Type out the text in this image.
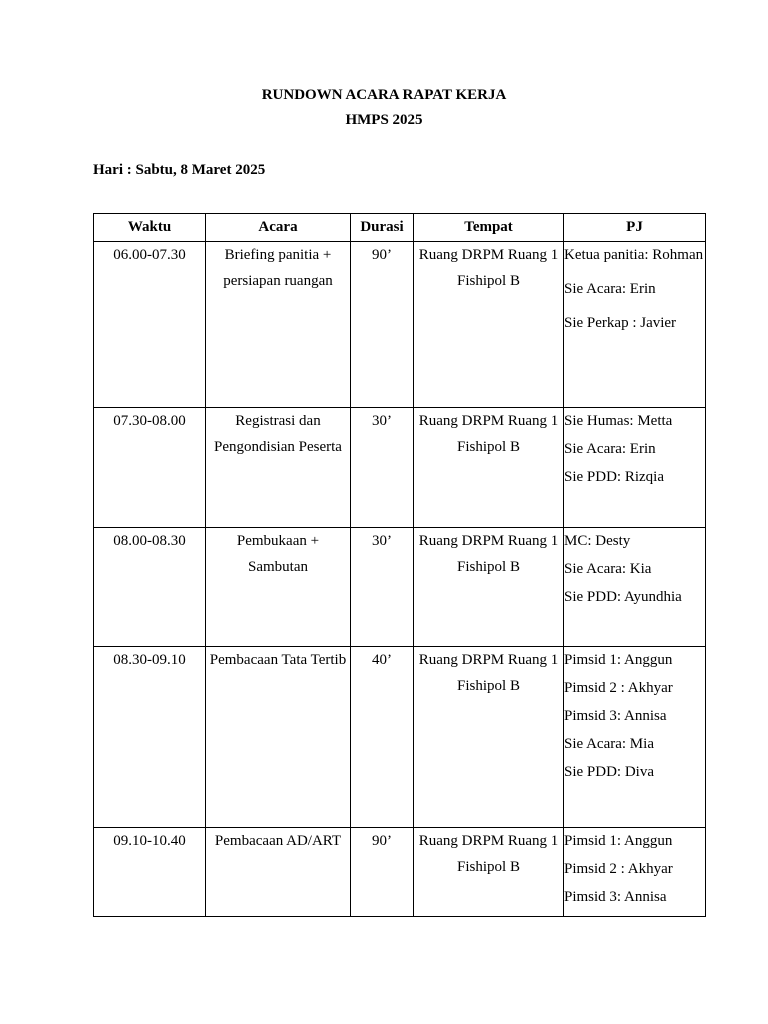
RUNDOWN ACARA RAPAT KERJA
HMPS 2025
Hari : Sabtu, 8 Maret 2025
Waktu	Acara	Durasi	Tempat	PJ
06.00-07.30	Briefing panitia + persiapan ruangan	90’	Ruang DRPM Ruang 1 Fishipol B	Ketua panitia: Rohman
Sie Acara: Erin
Sie Perkap : Javier

07.30-08.00	Registrasi dan Pengondisian Peserta	30’	Ruang DRPM Ruang 1 Fishipol B	Sie Humas: Metta
Sie Acara: Erin
Sie PDD: Rizqia

08.00-08.30	Pembukaan + Sambutan	30’	Ruang DRPM Ruang 1 Fishipol B	MC: Desty
Sie Acara: Kia
Sie PDD: Ayundhia

08.30-09.10	Pembacaan Tata Tertib	40’	Ruang DRPM Ruang 1 Fishipol B	Pimsid 1: Anggun
Pimsid 2 : Akhyar
Pimsid 3: Annisa
Sie Acara: Mia
Sie PDD: Diva

09.10-10.40	Pembacaan AD/ART	90’	Ruang DRPM Ruang 1 Fishipol B	Pimsid 1: Anggun
Pimsid 2 : Akhyar
Pimsid 3: Annisa
